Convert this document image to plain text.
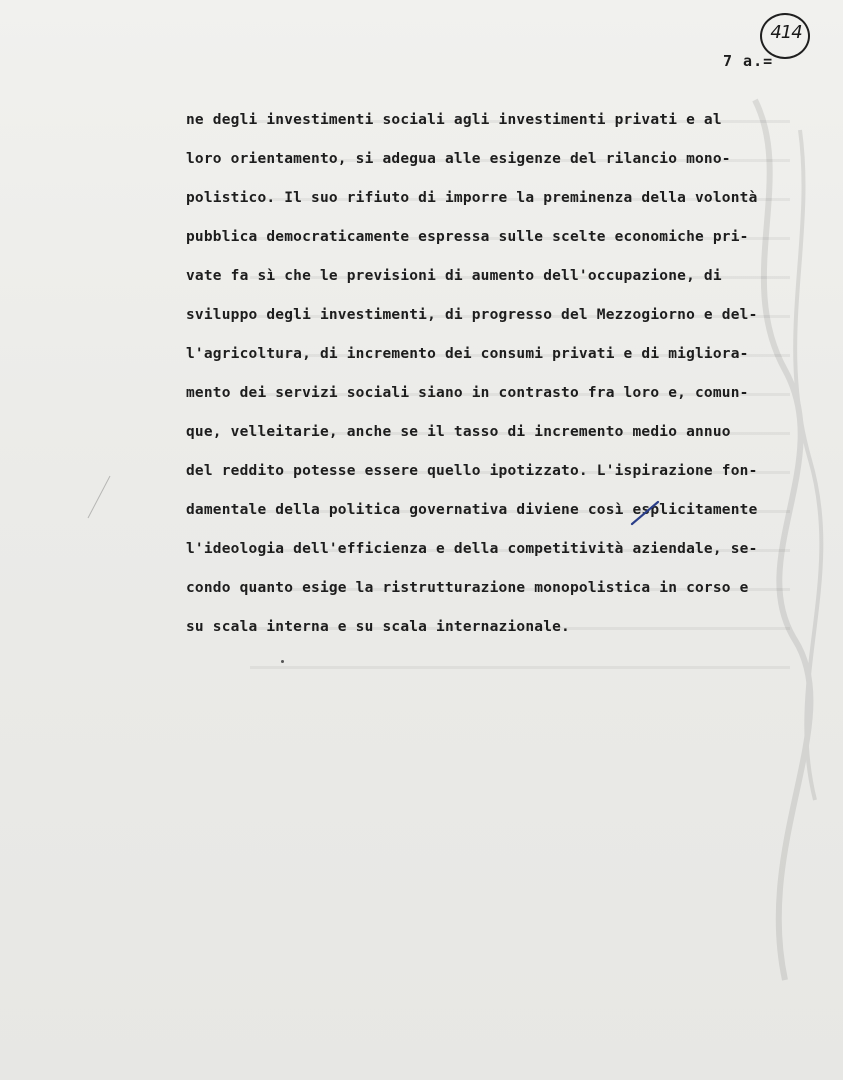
414
7 a.=
ne degli investimenti sociali agli investimenti privati e al
loro orientamento, si adegua alle esigenze del rilancio mono-
polistico. Il suo rifiuto di imporre la preminenza della volontà
pubblica democraticamente espressa sulle scelte economiche pri-
vate fa sì che le previsioni di aumento dell'occupazione, di
sviluppo degli investimenti, di progresso del Mezzogiorno e del-
l'agricoltura, di incremento dei consumi privati e di migliora-
mento dei servizi sociali siano in contrasto fra loro e, comun-
que, velleitarie, anche se il tasso di incremento medio annuo
del reddito potesse essere quello ipotizzato. L'ispirazione fon-
damentale della politica governativa diviene così esplicitamente
l'ideologia dell'efficienza e della competitività aziendale, se-
condo quanto esige la ristrutturazione monopolistica in corso e
su scala interna e su scala internazionale.
